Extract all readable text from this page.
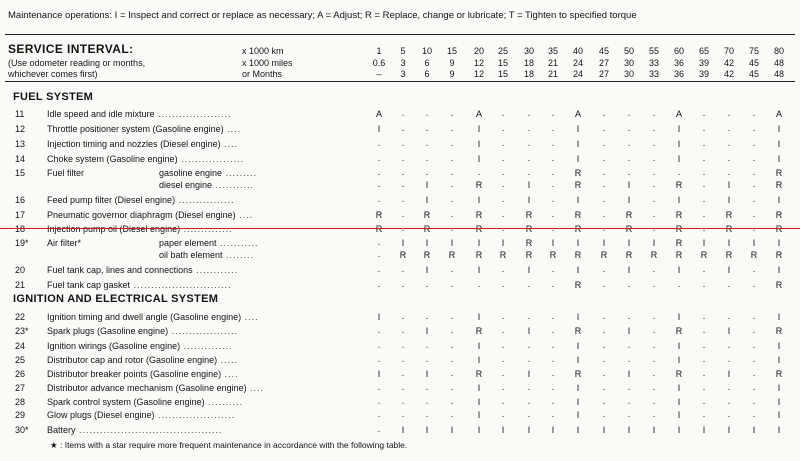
Maintenance operations: I = Inspect and correct or replace as necessary; A = Adjust; R = Replace, change or lubricate; T = Tighten to specified torque
SERVICE INTERVAL:
(Use odometer reading or months,
whichever comes first)
x 1000 km
x 1000 miles
or Months
1	5	10	15	20	25	30	35	40	45	50	55	60	65	70	75	80
0.6	3	6	9	12	15	18	21	24	27	30	33	36	39	42	45	48
–	3	6	9	12	15	18	21	24	27	30	33	36	39	42	45	48
FUEL SYSTEM
IGNITION AND ELECTRICAL SYSTEM
11	Idle speed and idle mixture .....................	A	.	.	.	A	.	.	.	A	.	.	.	A	.	.	.	A
12 Throttle positioner system (Gasoline engine) ....	I	.	.	.	I	.	.	.	I	.	.	.	I	.	.	.	I
13 Injection timing and nozzles (Diesel engine) ....	.	.	.	.	I	.	.	.	I	.	.	.	I	.	.	.	I
14 Choke system (Gasoline engine) ..................	.	.	.	.	I	.	.	.	I	.	.	.	I	.	.	.	I
15 Fuel filter	gasoline engine .........	.	.	.	.	.	.	.	.	R	.	.	.	.	.	.	.	R
diesel engine ...........	.	.	I	.	R	.	I	.	R	.	I	.	R	.	I	.	R
16 Feed pump filter (Diesel engine) ................	.	.	I	.	I	.	I	.	I	.	I	.	I	.	I	.	I
17 Pneumatic governor diaphragm (Diesel engine) ....	R	.	R	.	R	.	R	.	R	.	R	.	R	.	R	.	R
18 Injection pump oil (Diesel engine) ..............	R	.	R	.	R	.	R	.	R	.	R	.	R	.	R	.	R
19* Air filter*	paper element ...........	.	I	I	I	I	I	R	I	I	I	I	I	R	I	I	I	I
oil bath element ........	.	R	R	R	R	R	R	R	R	R	R	R	R	R	R	R	R
20 Fuel tank cap, lines and connections ............	.	.	I	.	I	.	I	.	I	.	I	.	I	.	I	.	I
21 Fuel tank cap gasket ............................	.	.	.	.	.	.	.	.	R	.	.	.	.	.	.	.	R
22 Ignition timing and dwell angle (Gasoline engine) ....	I	.	.	.	I	.	.	.	I	.	.	.	I	.	.	.	I
23* Spark plugs (Gasoline engine) ...................	.	.	I	.	R	.	I	.	R	.	I	.	R	.	I	.	R
24 Ignition wirings (Gasoline engine) ..............	.	.	.	.	I	.	.	.	I	.	.	.	I	.	.	.	I
25 Distributor cap and rotor (Gasoline engine) .....	.	.	.	.	I	.	.	.	I	.	.	.	I	.	.	.	I
26 Distributor breaker points (Gasoline engine) ....	I	.	I	.	R	.	I	.	R	.	I	.	R	.	I	.	R
27 Distributor advance mechanism (Gasoline engine) ....	.	.	.	.	I	.	.	.	I	.	.	.	I	.	.	.	I
28 Spark control system (Gasoline engine) ..........	.	.	.	.	I	.	.	.	I	.	.	.	I	.	.	.	I
29 Glow plugs (Diesel engine) ......................	.	.	.	.	I	.	.	.	I	.	.	.	I	.	.	.	I
30* Battery .........................................	.	I	I	I	I	I	I	I	I	I	I	I	I	I	I	I	I
★ : Items with a star require more frequent maintenance in accordance with the following table.
